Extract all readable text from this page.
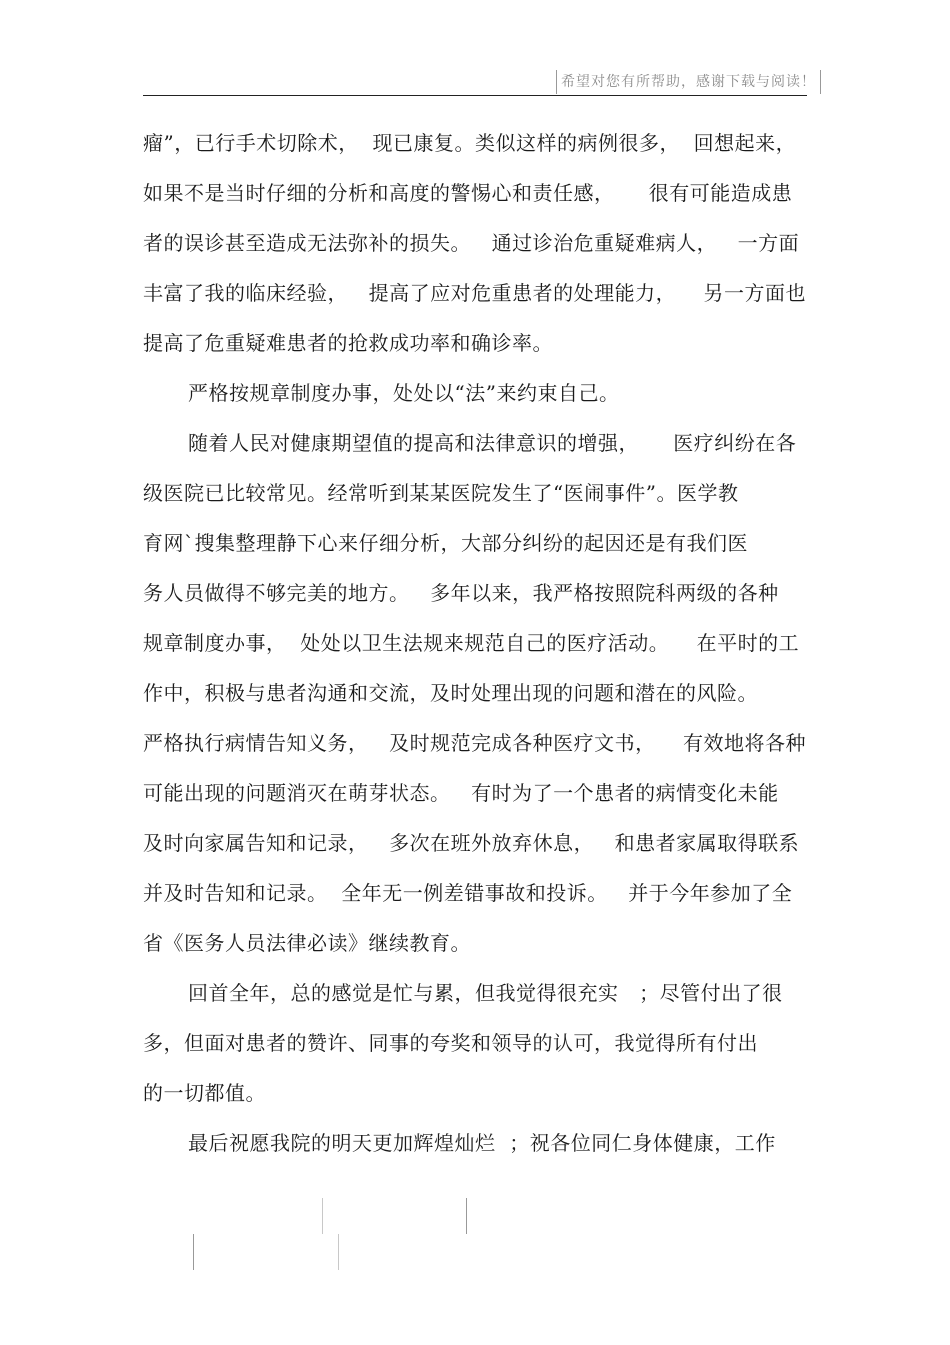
希望对您有所帮助，感谢下载与阅读！
瘤”，已行手术切除术，  现已康复。类似这样的病例很多，  回想起来，
如果不是当时仔细的分析和高度的警惕心和责任感，     很有可能造成患
者的误诊甚至造成无法弥补的损失。   通过诊治危重疑难病人，   一方面
丰富了我的临床经验，   提高了应对危重患者的处理能力，    另一方面也
提高了危重疑难患者的抢救成功率和确诊率。
严格按规章制度办事，处处以“法”来约束自己。
随着人民对健康期望值的提高和法律意识的增强，     医疗纠纷在各
级医院已比较常见。经常听到某某医院发生了“医闹事件”。医学教
育网`搜集整理静下心来仔细分析，大部分纠纷的起因还是有我们医
务人员做得不够完美的地方。   多年以来，我严格按照院科两级的各种
规章制度办事，  处处以卫生法规来规范自己的医疗活动。    在平时的工
作中，积极与患者沟通和交流，及时处理出现的问题和潜在的风险。
严格执行病情告知义务，   及时规范完成各种医疗文书，    有效地将各种
可能出现的问题消灭在萌芽状态。   有时为了一个患者的病情变化未能
及时向家属告知和记录，   多次在班外放弃休息，   和患者家属取得联系
并及时告知和记录。  全年无一例差错事故和投诉。   并于今年参加了全
省《医务人员法律必读》继续教育。
回首全年，总的感觉是忙与累，但我觉得很充实   ；尽管付出了很
多，但面对患者的赞许、同事的夸奖和领导的认可，我觉得所有付出
的一切都值。
最后祝愿我院的明天更加辉煌灿烂  ；祝各位同仁身体健康，工作
